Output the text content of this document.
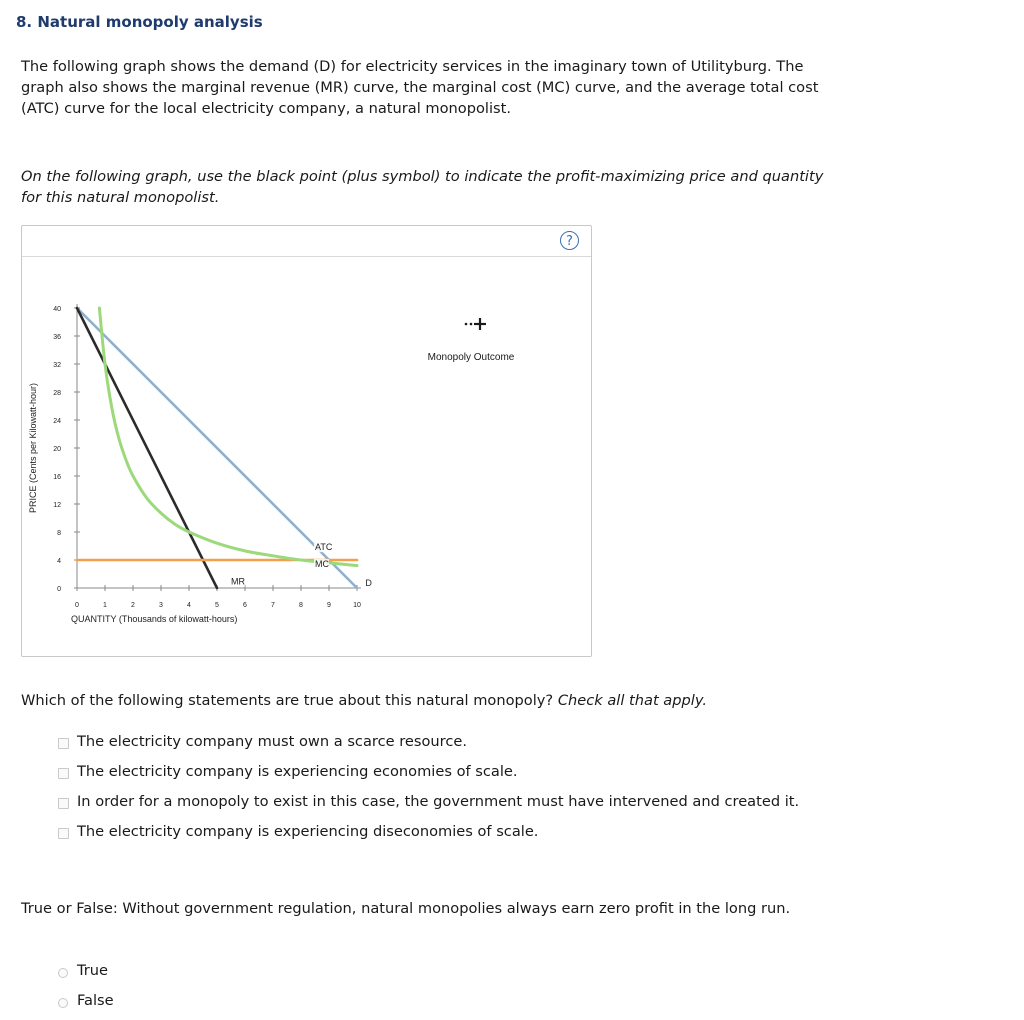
8. Natural monopoly analysis

The following graph shows the demand (D) for electricity services in the imaginary town of Utilityburg. The graph also shows the marginal revenue (MR) curve, the marginal cost (MC) curve, and the average total cost (ATC) curve for the local electricity company, a natural monopolist.

On the following graph, use the black point (plus symbol) to indicate the profit-maximizing price and quantity for this natural monopolist.

?
0
4
8
12
16
20
24
28
32
36
40
0	1	2	3	4	5	6	7	8	9	10
QUANTITY (Thousands of kilowatt-hours)
PRICE (Cents per Kilowatt-hour)
ATC
MC
MR	D
Monopoly Outcome

Which of the following statements are true about this natural monopoly? Check all that apply.

The electricity company must own a scarce resource.
The electricity company is experiencing economies of scale.
In order for a monopoly to exist in this case, the government must have intervened and created it.
The electricity company is experiencing diseconomies of scale.

True or False: Without government regulation, natural monopolies always earn zero profit in the long run.

True
False
